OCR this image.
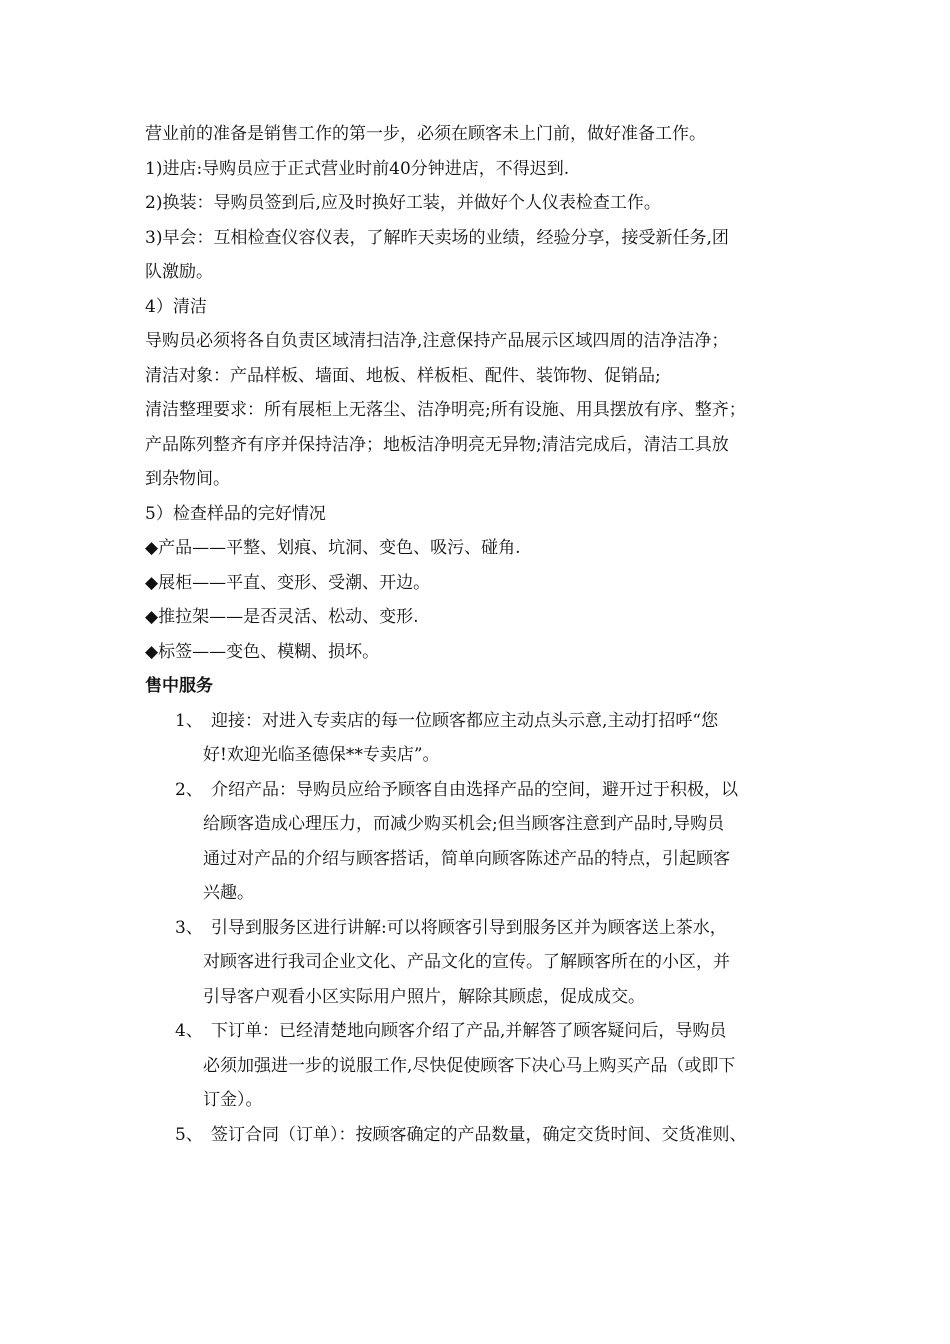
营业前的准备是销售工作的第一步，必须在顾客未上门前，做好准备工作。
1)进店:导购员应于正式营业时前40分钟进店，不得迟到.
2)换装：导购员签到后,应及时换好工装，并做好个人仪表检查工作。
3)早会：互相检查仪容仪表，了解昨天卖场的业绩，经验分享，接受新任务,团
队激励。
4）清洁
导购员必须将各自负责区域清扫洁净,注意保持产品展示区域四周的洁净洁净；
清洁对象：产品样板、墙面、地板、样板柜、配件、装饰物、促销品;
清洁整理要求：所有展柜上无落尘、洁净明亮;所有设施、用具摆放有序、整齐；
产品陈列整齐有序并保持洁净；地板洁净明亮无异物;清洁完成后，清洁工具放
到杂物间。
5）检查样品的完好情况
◆产品——平整、划痕、坑洞、变色、吸污、碰角.
◆展柜——平直、变形、受潮、开边。
◆推拉架——是否灵活、松动、变形.
◆标签——变色、模糊、损坏。
售中服务
1、 迎接：对进入专卖店的每一位顾客都应主动点头示意,主动打招呼“您
好!欢迎光临圣德保**专卖店”。
2、 介绍产品：导购员应给予顾客自由选择产品的空间，避开过于积极，以
给顾客造成心理压力，而减少购买机会;但当顾客注意到产品时,导购员
通过对产品的介绍与顾客搭话，简单向顾客陈述产品的特点，引起顾客
兴趣。
3、 引导到服务区进行讲解:可以将顾客引导到服务区并为顾客送上茶水，
对顾客进行我司企业文化、产品文化的宣传。了解顾客所在的小区，并
引导客户观看小区实际用户照片，解除其顾虑，促成成交。
4、 下订单：已经清楚地向顾客介绍了产品,并解答了顾客疑问后，导购员
必须加强进一步的说服工作,尽快促使顾客下决心马上购买产品（或即下
订金）。
5、 签订合同（订单）：按顾客确定的产品数量，确定交货时间、交货准则、
